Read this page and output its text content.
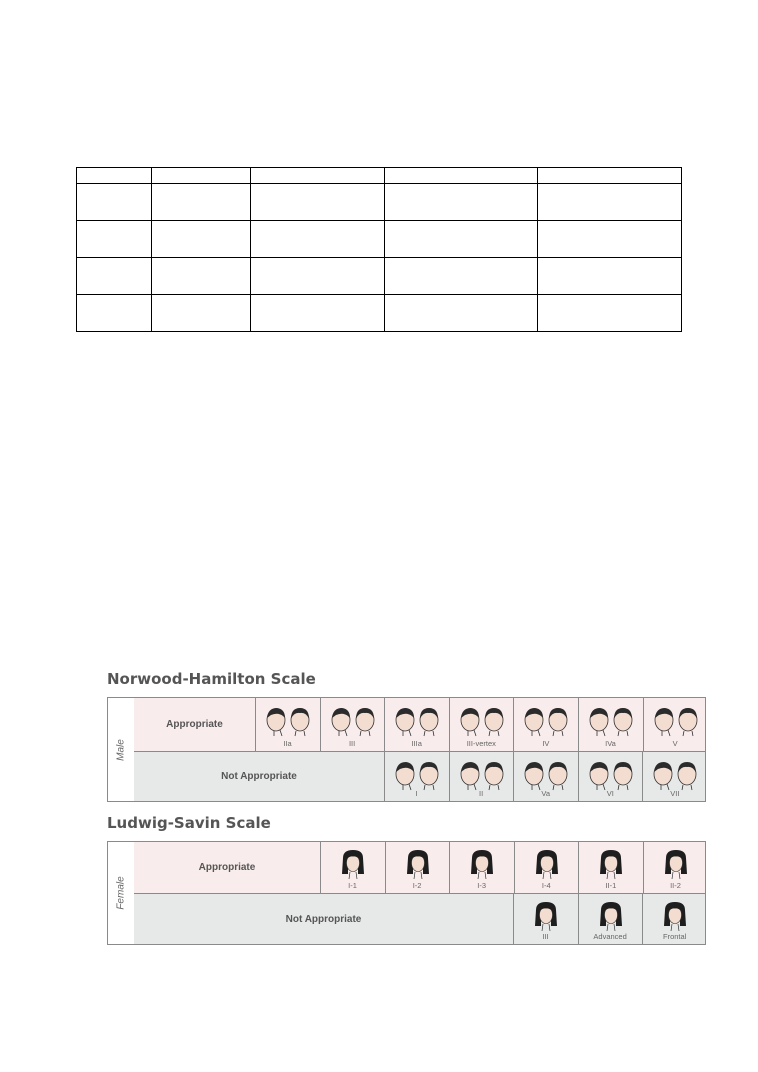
Norwood-Hamilton Scale
Male
Appropriate
IIa	III	IIIa	III-vertex	IV	IVa	V
Not Appropriate
I	II	Va	VI	VII
Ludwig-Savin Scale
Female
Appropriate
I-1	I-2	I-3	I-4	II-1	II-2
Not Appropriate
III	Advanced	Frontal
